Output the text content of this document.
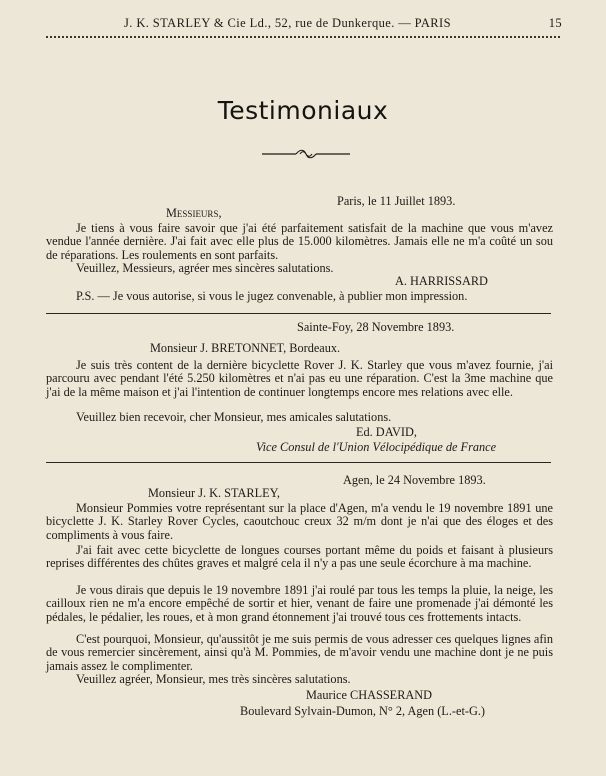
J. K. STARLEY & Cie Ld., 52, rue de Dunkerque. — PARIS	15
Testimoniaux
Paris, le 11 Juillet 1893.
Messieurs,
Je tiens à vous faire savoir que j'ai été parfaitement satisfait de la machine que vous m'avez vendue l'année dernière. J'ai fait avec elle plus de 15.000 kilomètres. Jamais elle ne m'a coûté un sou de réparations. Les roulements en sont parfaits.
Veuillez, Messieurs, agréer mes sincères salutations.
A. HARRISSARD
P.S. — Je vous autorise, si vous le jugez convenable, à publier mon impression.
Sainte-Foy, 28 Novembre 1893.
Monsieur J. BRETONNET, Bordeaux.
Je suis très content de la dernière bicyclette Rover J. K. Starley que vous m'avez fournie, j'ai parcouru avec pendant l'été 5.250 kilomètres et n'ai pas eu une réparation. C'est la 3me machine que j'ai de la même maison et j'ai l'intention de continuer longtemps encore mes relations avec elle.
Veuillez bien recevoir, cher Monsieur, mes amicales salutations.
Ed. DAVID,
Vice Consul de l'Union Vélocipédique de France
Agen, le 24 Novembre 1893.
Monsieur J. K. STARLEY,
Monsieur Pommies votre représentant sur la place d'Agen, m'a vendu le 19 novembre 1891 une bicyclette J. K. Starley Rover Cycles, caoutchouc creux 32 m/m dont je n'ai que des éloges et des compliments à vous faire.
J'ai fait avec cette bicyclette de longues courses portant même du poids et faisant à plusieurs reprises différentes des chûtes graves et malgré cela il n'y a pas une seule écorchure à ma machine.
Je vous dirais que depuis le 19 novembre 1891 j'ai roulé par tous les temps la pluie, la neige, les cailloux rien ne m'a encore empêché de sortir et hier, venant de faire une promenade j'ai démonté les pédales, le pédalier, les roues, et à mon grand étonnement j'ai trouvé tous ces frottements intacts.
C'est pourquoi, Monsieur, qu'aussitôt je me suis permis de vous adresser ces quelques lignes afin de vous remercier sincèrement, ainsi qu'à M. Pommies, de m'avoir vendu une machine dont je ne puis jamais assez le complimenter.
Veuillez agréer, Monsieur, mes très sincères salutations.
Maurice CHASSERAND
Boulevard Sylvain-Dumon, N° 2, Agen (L.-et-G.)
